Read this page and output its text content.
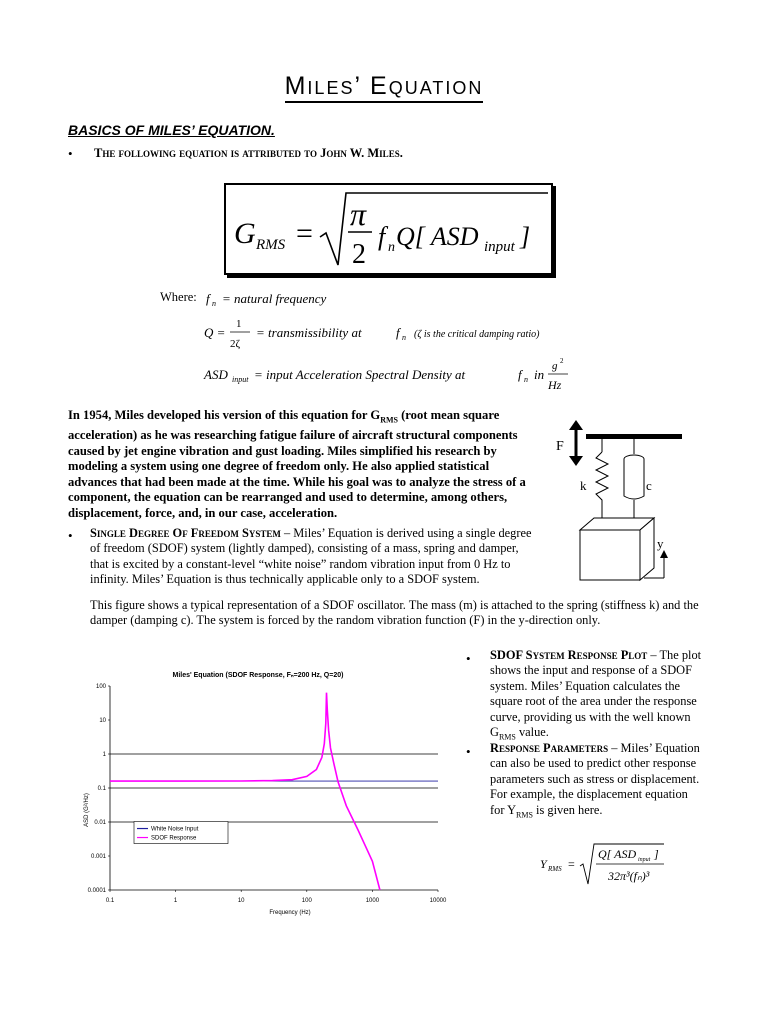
Miles’ Equation
BASICS OF MILES’ EQUATION.
• The following equation is attributed to John W. Miles.
G RMS =
π
2
f n Q[ ASD input ]
Where: f n = natural frequency
Q =
1
2ζ
= transmissibility at	f n (ζ is the critical damping ratio)
ASD input = input Acceleration Spectral Density at	f n in
g 2
Hz
In 1954, Miles developed his version of this equation for $G_{RMS}$ (root mean square acceleration) as he was researching fatigue failure of aircraft structural components caused by jet engine vibration and gust loading. Miles simplified his research by modeling a system using one degree of freedom only. He also applied statistical advances that had been made at the time. While his goal was to analyze the stress of a component, the equation can be rearranged and used to determine, among others, displacement, force, and, in our case, acceleration.
F
k	c
y
• Single Degree Of Freedom System – Miles’ Equation is derived using a single degree of freedom (SDOF) system (lightly damped), consisting of a mass, spring and damper, that is excited by a constant-level “white noise” random vibration input from 0 Hz to infinity. Miles’ Equation is thus technically applicable only to a SDOF system.
This figure shows a typical representation of a SDOF oscillator. The mass (m) is attached to the spring (stiffness k) and the damper (damping c). The system is forced by the random vibration function (F) in the y-direction only.
Miles' Equation (SDOF Response, Fₙ=200 Hz, Q=20)
Frequency (Hz)
ASD (G²/Hz)
0.0001
0.001
0.01
0.1
1
10
100
0.1	1	10	100	1000	10000
White Noise Input
SDOF Response
• SDOF System Response Plot – The plot shows the input and response of a SDOF system. Miles’ Equation calculates the square root of the area under the response curve, providing us with the well known $G_{RMS}$ value.
• Response Parameters – Miles’ Equation can also be used to predict other response parameters such as stress or displacement. For example, the displacement equation for $Y_{RMS}$ is given here.
Y RMS =
Q[ ASD input ]
32π³(fₙ)³
